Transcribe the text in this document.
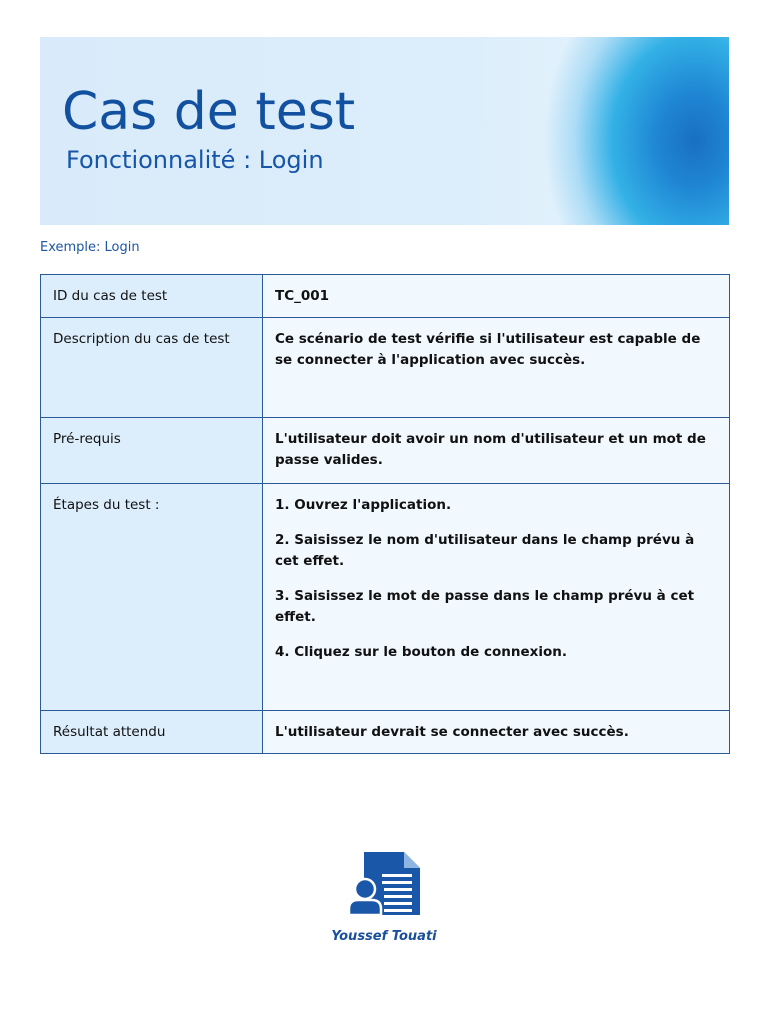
Cas de test
Fonctionnalité : Login
Exemple: Login
ID du cas de test	TC_001
Description du cas de test	Ce scénario de test vérifie si l'utilisateur est capable de se connecter à l'application avec succès.
Pré-requis	L'utilisateur doit avoir un nom d'utilisateur et un mot de passe valides.
Étapes du test :	1. Ouvrez l'application.
2. Saisissez le nom d'utilisateur dans le champ prévu à cet effet.
3. Saisissez le mot de passe dans le champ prévu à cet effet.
4. Cliquez sur le bouton de connexion.

Résultat attendu	L'utilisateur devrait se connecter avec succès.
Youssef Touati
